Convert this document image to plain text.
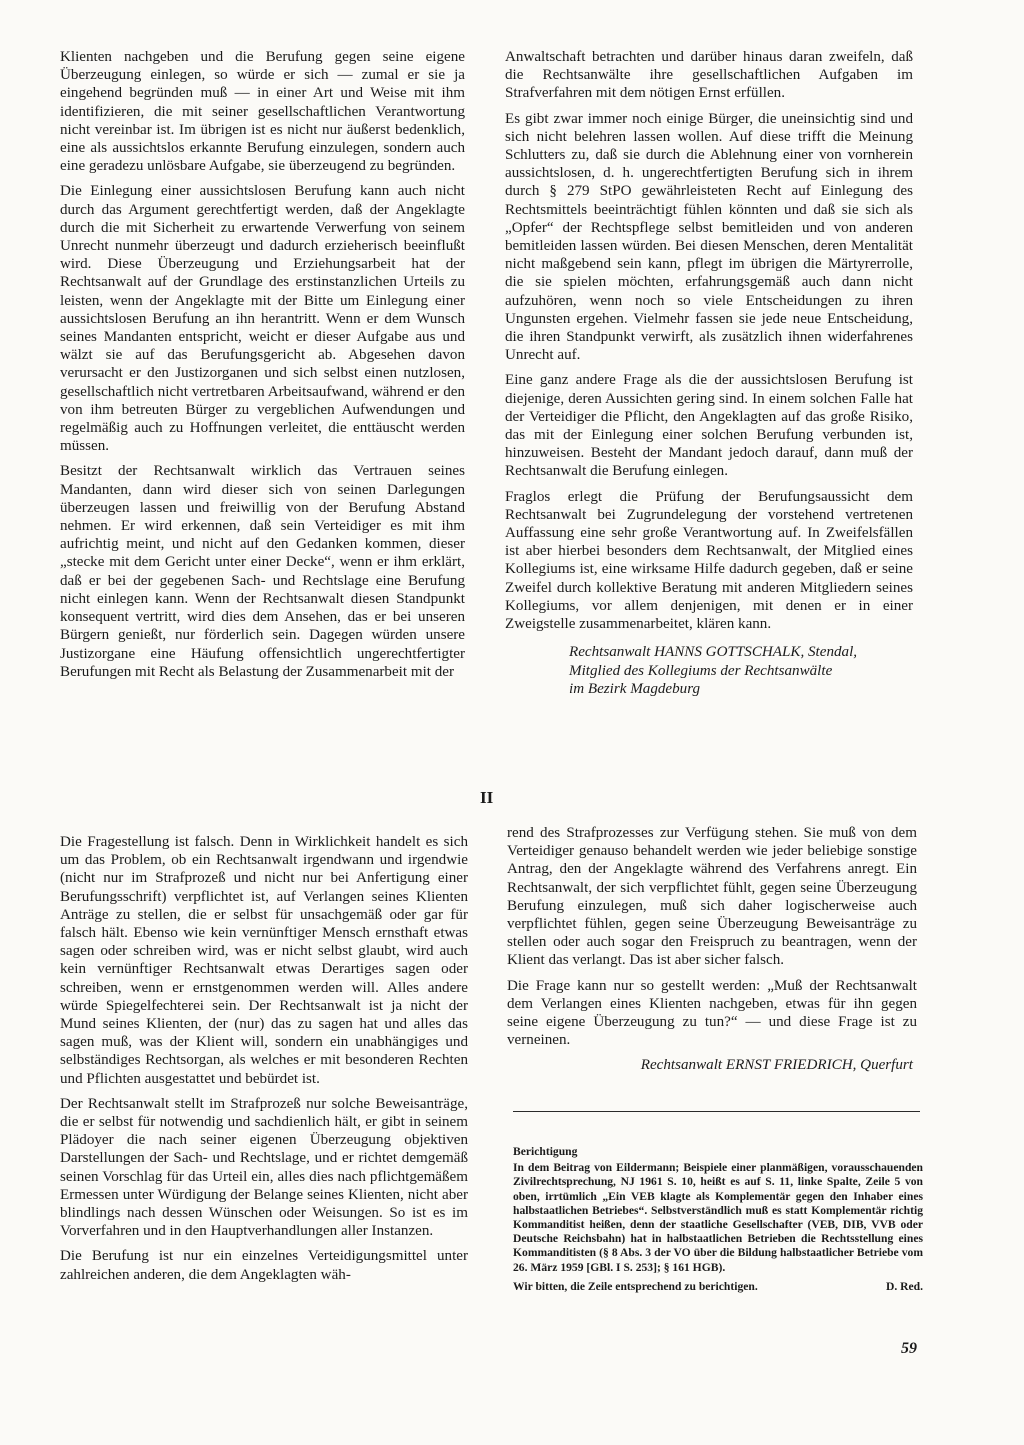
Klienten nachgeben und die Berufung gegen seine eigene Überzeugung einlegen, so würde er sich — zumal er sie ja eingehend begründen muß — in einer Art und Weise mit ihm identifizieren, die mit seiner gesellschaftlichen Verantwortung nicht vereinbar ist. Im übrigen ist es nicht nur äußerst bedenklich, eine als aussichtslos erkannte Berufung einzulegen, sondern auch eine geradezu unlösbare Aufgabe, sie überzeugend zu begründen.

Die Einlegung einer aussichtslosen Berufung kann auch nicht durch das Argument gerechtfertigt werden, daß der Angeklagte durch die mit Sicherheit zu erwartende Verwerfung von seinem Unrecht nunmehr überzeugt und dadurch erzieherisch beeinflußt wird. Diese Überzeugung und Erziehungsarbeit hat der Rechtsanwalt auf der Grundlage des erstinstanzlichen Urteils zu leisten, wenn der Angeklagte mit der Bitte um Einlegung einer aussichtslosen Berufung an ihn herantritt. Wenn er dem Wunsch seines Mandanten entspricht, weicht er dieser Aufgabe aus und wälzt sie auf das Berufungsgericht ab. Abgesehen davon verursacht er den Justizorganen und sich selbst einen nutzlosen, gesellschaftlich nicht vertretbaren Arbeitsaufwand, während er den von ihm betreuten Bürger zu vergeblichen Aufwendungen und regelmäßig auch zu Hoffnungen verleitet, die enttäuscht werden müssen.

Besitzt der Rechtsanwalt wirklich das Vertrauen seines Mandanten, dann wird dieser sich von seinen Darlegungen überzeugen lassen und freiwillig von der Berufung Abstand nehmen. Er wird erkennen, daß sein Verteidiger es mit ihm aufrichtig meint, und nicht auf den Gedanken kommen, dieser „stecke mit dem Gericht unter einer Decke“, wenn er ihm erklärt, daß er bei der gegebenen Sach- und Rechtslage eine Berufung nicht einlegen kann. Wenn der Rechtsanwalt diesen Standpunkt konsequent vertritt, wird dies dem Ansehen, das er bei unseren Bürgern genießt, nur förderlich sein. Dagegen würden unsere Justizorgane eine Häufung offensichtlich ungerechtfertigter Berufungen mit Recht als Belastung der Zusammenarbeit mit der

Anwaltschaft betrachten und darüber hinaus daran zweifeln, daß die Rechtsanwälte ihre gesellschaftlichen Aufgaben im Strafverfahren mit dem nötigen Ernst erfüllen.

Es gibt zwar immer noch einige Bürger, die uneinsichtig sind und sich nicht belehren lassen wollen. Auf diese trifft die Meinung Schlutters zu, daß sie durch die Ablehnung einer von vornherein aussichtslosen, d. h. ungerechtfertigten Berufung sich in ihrem durch § 279 StPO gewährleisteten Recht auf Einlegung des Rechtsmittels beeinträchtigt fühlen könnten und daß sie sich als „Opfer“ der Rechtspflege selbst bemitleiden und von anderen bemitleiden lassen würden. Bei diesen Menschen, deren Mentalität nicht maßgebend sein kann, pflegt im übrigen die Märtyrerrolle, die sie spielen möchten, erfahrungsgemäß auch dann nicht aufzuhören, wenn noch so viele Entscheidungen zu ihren Ungunsten ergehen. Vielmehr fassen sie jede neue Entscheidung, die ihren Standpunkt verwirft, als zusätzlich ihnen widerfahrenes Unrecht auf.

Eine ganz andere Frage als die der aussichtslosen Berufung ist diejenige, deren Aussichten gering sind. In einem solchen Falle hat der Verteidiger die Pflicht, den Angeklagten auf das große Risiko, das mit der Einlegung einer solchen Berufung verbunden ist, hinzuweisen. Besteht der Mandant jedoch darauf, dann muß der Rechtsanwalt die Berufung einlegen.

Fraglos erlegt die Prüfung der Berufungsaussicht dem Rechtsanwalt bei Zugrundelegung der vorstehend vertretenen Auffassung eine sehr große Verantwortung auf. In Zweifelsfällen ist aber hierbei besonders dem Rechtsanwalt, der Mitglied eines Kollegiums ist, eine wirksame Hilfe dadurch gegeben, daß er seine Zweifel durch kollektive Beratung mit anderen Mitgliedern seines Kollegiums, vor allem denjenigen, mit denen er in einer Zweigstelle zusammenarbeitet, klären kann.

Rechtsanwalt HANNS GOTTSCHALK, Stendal,
Mitglied des Kollegiums der Rechtsanwälte
im Bezirk Magdeburg
II

Die Fragestellung ist falsch. Denn in Wirklichkeit handelt es sich um das Problem, ob ein Rechtsanwalt irgendwann und irgendwie (nicht nur im Strafprozeß und nicht nur bei Anfertigung einer Berufungsschrift) verpflichtet ist, auf Verlangen seines Klienten Anträge zu stellen, die er selbst für unsachgemäß oder gar für falsch hält. Ebenso wie kein vernünftiger Mensch ernsthaft etwas sagen oder schreiben wird, was er nicht selbst glaubt, wird auch kein vernünftiger Rechtsanwalt etwas Derartiges sagen oder schreiben, wenn er ernstgenommen werden will. Alles andere würde Spiegelfechterei sein. Der Rechtsanwalt ist ja nicht der Mund seines Klienten, der (nur) das zu sagen hat und alles das sagen muß, was der Klient will, sondern ein unabhängiges und selbständiges Rechtsorgan, als welches er mit besonderen Rechten und Pflichten ausgestattet und bebürdet ist.

Der Rechtsanwalt stellt im Strafprozeß nur solche Beweisanträge, die er selbst für notwendig und sachdienlich hält, er gibt in seinem Plädoyer die nach seiner eigenen Überzeugung objektiven Darstellungen der Sach- und Rechtslage, und er richtet demgemäß seinen Vorschlag für das Urteil ein, alles dies nach pflichtgemäßem Ermessen unter Würdigung der Belange seines Klienten, nicht aber blindlings nach dessen Wünschen oder Weisungen. So ist es im Vorverfahren und in den Hauptverhandlungen aller Instanzen.

Die Berufung ist nur ein einzelnes Verteidigungsmittel unter zahlreichen anderen, die dem Angeklagten wäh-

rend des Strafprozesses zur Verfügung stehen. Sie muß von dem Verteidiger genauso behandelt werden wie jeder beliebige sonstige Antrag, den der Angeklagte während des Verfahrens anregt. Ein Rechtsanwalt, der sich verpflichtet fühlt, gegen seine Überzeugung Berufung einzulegen, muß sich daher logischerweise auch verpflichtet fühlen, gegen seine Überzeugung Beweisanträge zu stellen oder auch sogar den Freispruch zu beantragen, wenn der Klient das verlangt. Das ist aber sicher falsch.

Die Frage kann nur so gestellt werden: „Muß der Rechtsanwalt dem Verlangen eines Klienten nachgeben, etwas für ihn gegen seine eigene Überzeugung zu tun?“ — und diese Frage ist zu verneinen.

Rechtsanwalt ERNST FRIEDRICH, Querfurt
Berichtigung

In dem Beitrag von Eildermann; Beispiele einer planmäßigen, vorausschauenden Zivilrechtsprechung, NJ 1961 S. 10, heißt es auf S. 11, linke Spalte, Zeile 5 von oben, irrtümlich „Ein VEB klagte als Komplementär gegen den Inhaber eines halbstaatlichen Betriebes“. Selbstverständlich muß es statt Komplementär richtig Kommanditist heißen, denn der staatliche Gesellschafter (VEB, DIB, VVB oder Deutsche Reichsbahn) hat in halbstaatlichen Betrieben die Rechtsstellung eines Kommanditisten (§ 8 Abs. 3 der VO über die Bildung halbstaatlicher Betriebe vom 26. März 1959 [GBl. I S. 253]; § 161 HGB).

Wir bitten, die Zeile entsprechend zu berichtigen.	D. Red.
59
